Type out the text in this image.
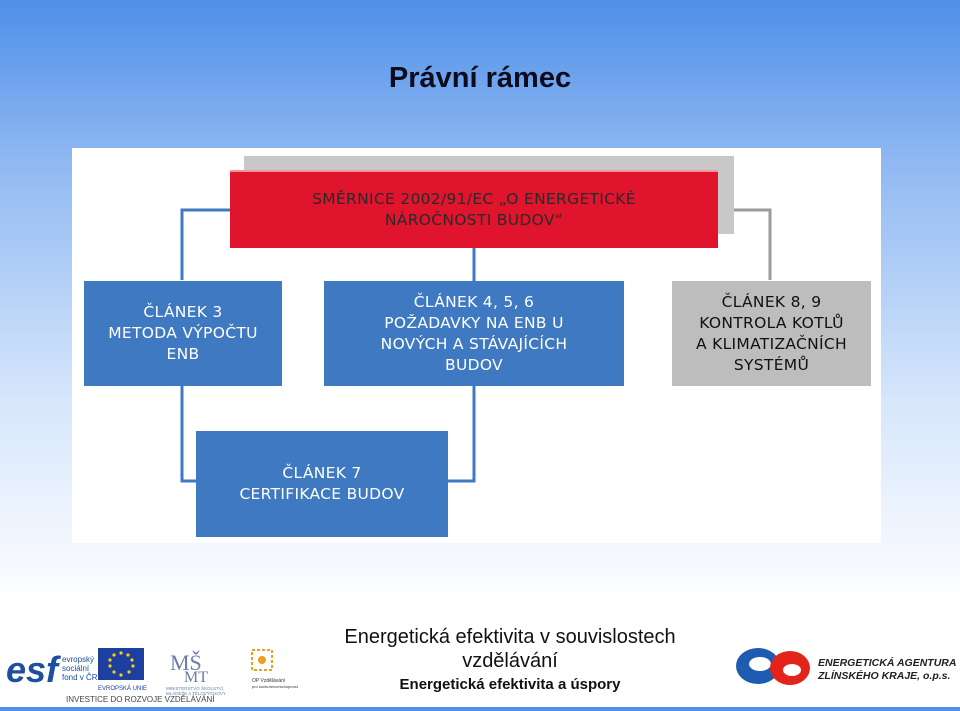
Právní rámec
SMĚRNICE 2002/91/EC „O ENERGETICKÉ
NÁROČNOSTI BUDOV“
ČLÁNEK 3
METODA VÝPOČTU
ENB
ČLÁNEK 4, 5, 6
POŽADAVKY NA ENB U
NOVÝCH A STÁVAJÍCÍCH
BUDOV
ČLÁNEK 8, 9
KONTROLA KOTLŮ
A KLIMATIZAČNÍCH
SYSTÉMŮ
ČLÁNEK 7
CERTIFIKACE BUDOV
esf evropský
sociální
fond v ČR
EVROPSKÁ UNIE
MŠ
MT
MINISTERSTVO ŠKOLSTVÍ,
MLÁDEŽE A TĚLOVÝCHOVY
OP Vzdělávání
pro konkurenceschopnost
INVESTICE DO ROZVOJE VZDĚLÁVÁNÍ
Energetická efektivita v souvislostech
vzdělávání
Energetická efektivita a úspory
ENERGETICKÁ AGENTURA
ZLÍNSKÉHO KRAJE, o.p.s.
